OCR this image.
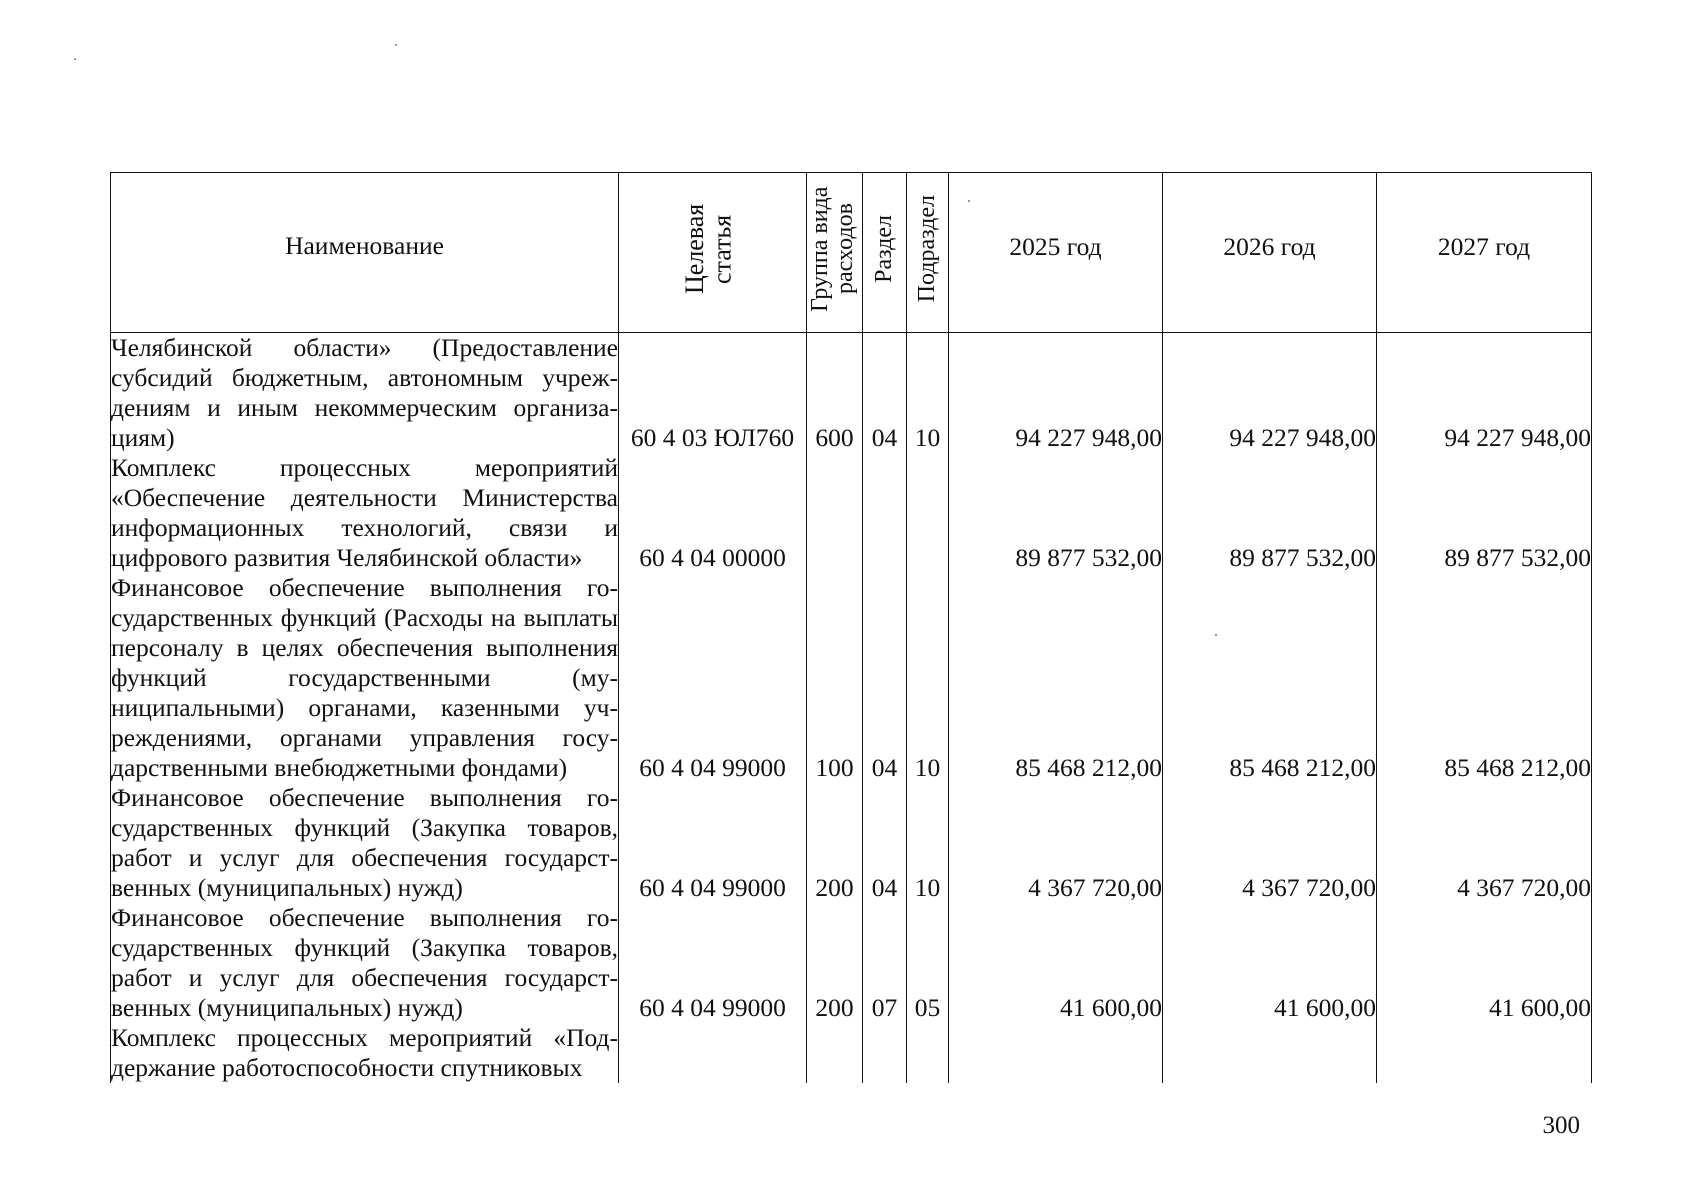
Наименование	Целевая статья	Группа вида расходов	Раздел	Подраздел	2025 год	2026 год	2027 год
Челябинской области» (Предоставление субсидий бюджетным, автономным учреждениям и иным некоммерческим организациям)	60 4 03 ЮЛ760	600	04	10	94 227 948,00	94 227 948,00	94 227 948,00
Комплекс процессных мероприятий «Обеспечение деятельности Министерства информационных технологий, связи и цифрового развития Челябинской области»	60 4 04 00000				89 877 532,00	89 877 532,00	89 877 532,00
Финансовое обеспечение выполнения государственных функций (Расходы на выплаты персоналу в целях обеспечения выполнения функций государственными (муниципальными) органами, казенными учреждениями, органами управления государственными внебюджетными фондами)	60 4 04 99000	100	04	10	85 468 212,00	85 468 212,00	85 468 212,00
Финансовое обеспечение выполнения государственных функций (Закупка товаров, работ и услуг для обеспечения государственных (муниципальных) нужд)	60 4 04 99000	200	04	10	4 367 720,00	4 367 720,00	4 367 720,00
Финансовое обеспечение выполнения государственных функций (Закупка товаров, работ и услуг для обеспечения государственных (муниципальных) нужд)	60 4 04 99000	200	07	05	41 600,00	41 600,00	41 600,00
Комплекс процессных мероприятий «Поддержание работоспособности спутниковых							
300
